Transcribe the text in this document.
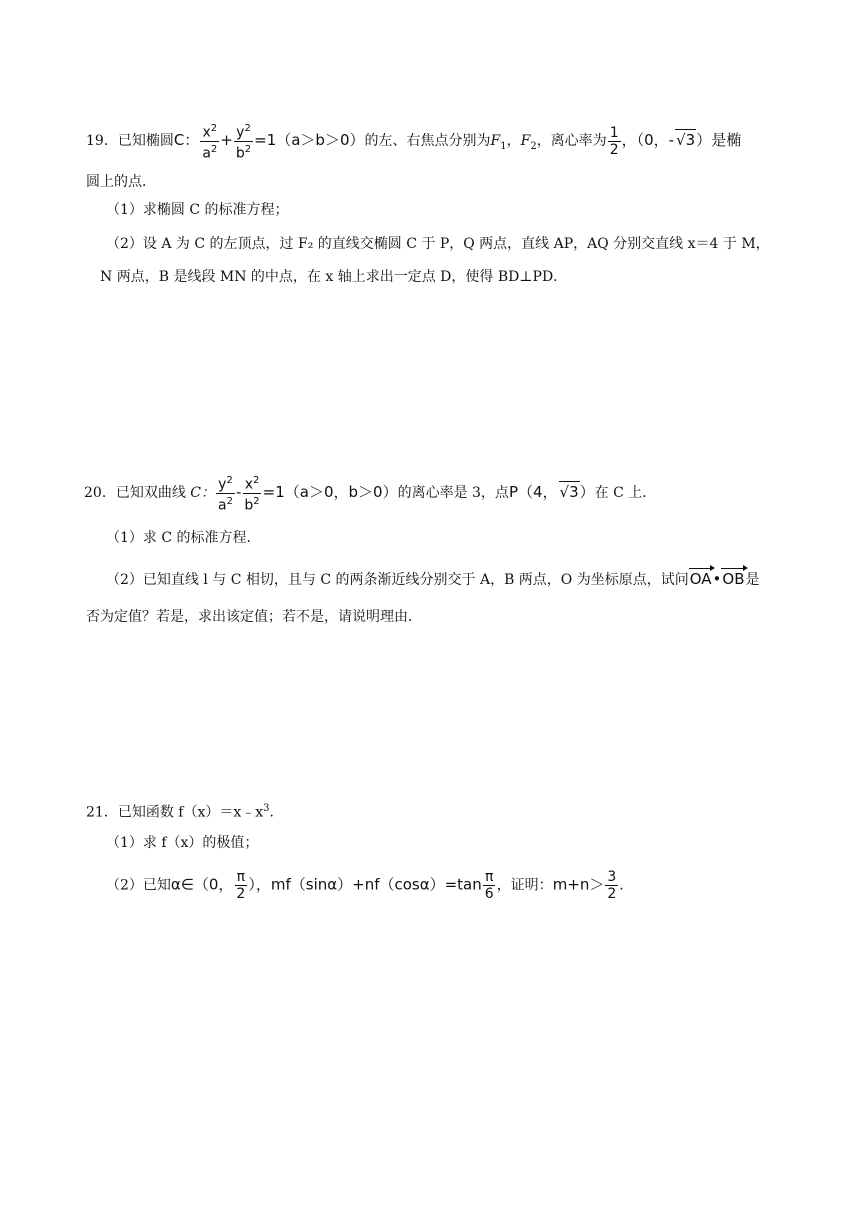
19．已知椭圆C： $\frac{x^2}{a^2} + \frac{y^2}{b^2} =1(a>b>0)$的左、右焦点分别为$F_1$，$F_2$，离心率为 $\frac{1}{2}$ ，（0，- √3）是椭
圆上的点．
（1）求椭圆 C 的标准方程；
（2）设 A 为 C 的左顶点，过 F₂ 的直线交椭圆 C 于 P，Q 两点，直线 AP，AQ 分别交直线 x＝4 于 M，
N 两点，B 是线段 MN 的中点，在 x 轴上求出一定点 D，使得 BD⊥PD．
20．已知双曲线 C： $\frac{y^2}{a^2} - \frac{x^2}{b^2} =1(a>0$，b＞0）的离心率是 3，点P（4， √3）在 C 上．
（1）求 C 的标准方程．
（2）已知直线 l 与 C 相切，且与 C 的两条渐近线分别交于 A，B 两点，O 为坐标原点，试问OA•OB是
否为定值？若是，求出该定值；若不是，请说明理由．
21．已知函数 $f(x)=x﹣x^3$．
（1）求 f（x）的极值；
（2）已知α∈（0， $\frac{\pi}{2}$ ），$mf(\sin\alpha)+nf(\cos\alpha)=\tan \frac{\pi}{6}$ ，证明：$m+n> \frac{3}{2}$ ．
